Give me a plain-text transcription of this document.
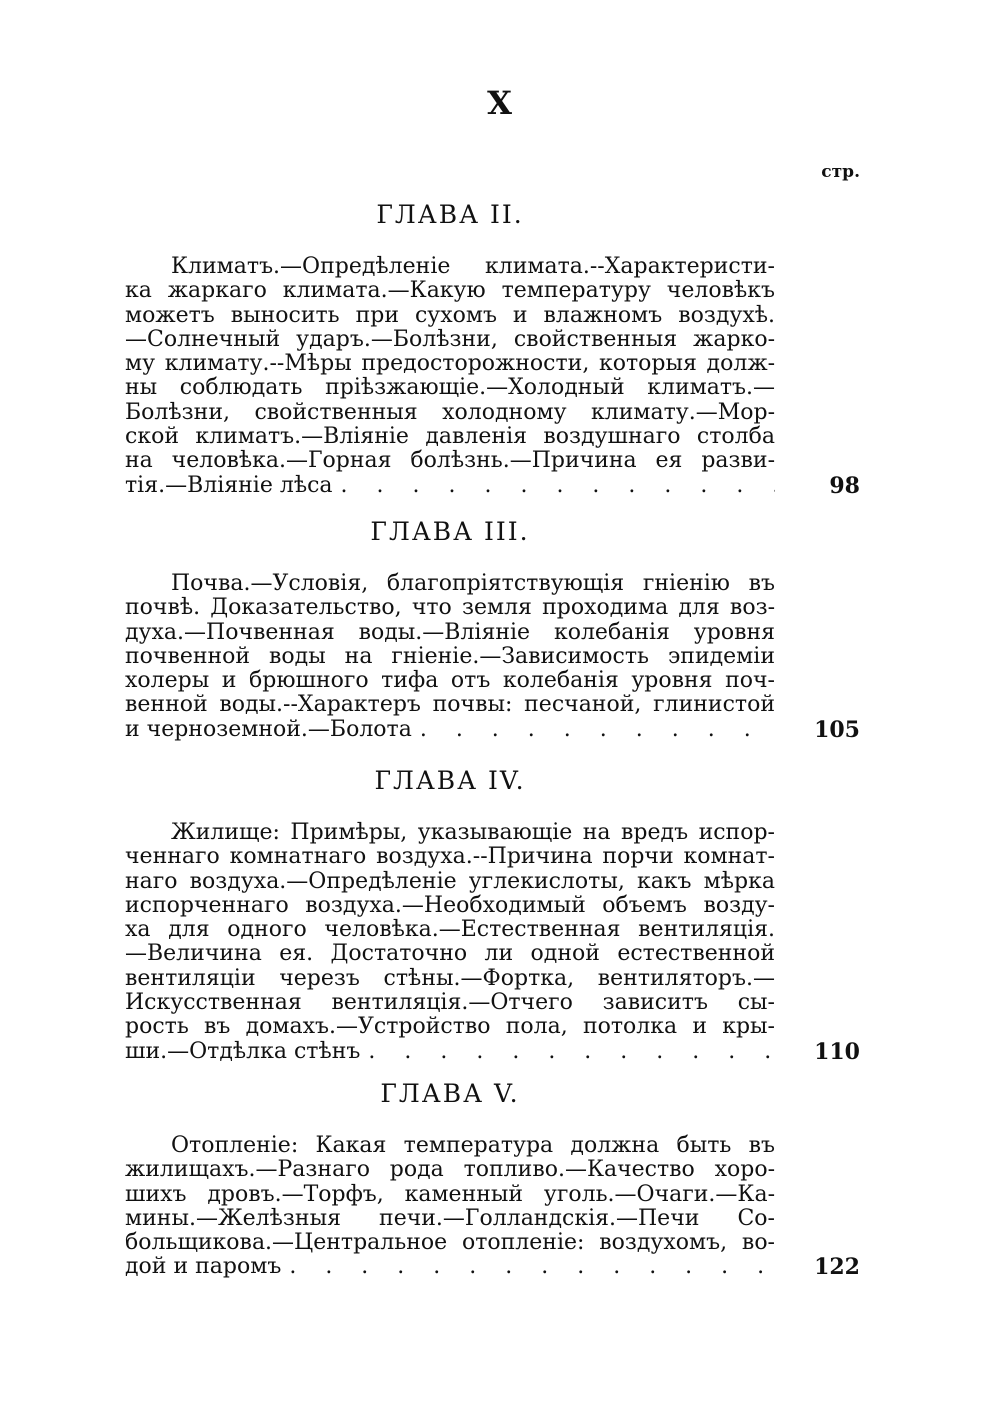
X
стр.
ГЛАВА II.
Климатъ.—Опредѣленіе климата.--Характеристи-
ка жаркаго климата.—Какую температуру человѣкъ
можетъ выносить при сухомъ и влажномъ воздухѣ.
—Солнечный ударъ.—Болѣзни, свойственныя жарко-
му климату.--Мѣры предосторожности, которыя долж-
ны соблюдать пріѣзжающіе.—Холодный климатъ.—
Болѣзни, свойственныя холодному климату.—Мор-
ской климатъ.—Вліяніе давленія воздушнаго столба
на человѣка.—Горная болѣзнь.—Причина ея разви-
тія.—Вліяніе лѣса . . .	98
ГЛАВА III.
Почва.—Условія, благопріятствующія гніенію въ
почвѣ. Доказательство, что земля проходима для воз-
духа.—Почвенная воды.—Вліяніе колебанія уровня
почвенной воды на гніеніе.—Зависимость эпидеміи
холеры и брюшного тифа отъ колебанія уровня поч-
венной воды.--Характеръ почвы: песчаной, глинистой
и черноземной.—Болота . . .	105
ГЛАВА IV.
Жилище: Примѣры, указывающіе на вредъ испор-
ченнаго комнатнаго воздуха.--Причина порчи комнат-
наго воздуха.—Опредѣленіе углекислоты, какъ мѣрка
испорченнаго воздуха.—Необходимый объемъ возду-
ха для одного человѣка.—Естественная вентиляція.
—Величина ея. Достаточно ли одной естественной
вентиляціи черезъ стѣны.—Фортка, вентиляторъ.—
Искусственная вентиляція.—Отчего зависитъ сы-
рость въ домахъ.—Устройство пола, потолка и кры-
ши.—Отдѣлка стѣнъ . . .	110
ГЛАВА V.
Отопленіе: Какая температура должна быть въ
жилищахъ.—Разнаго рода топливо.—Качество хоро-
шихъ дровъ.—Торфъ, каменный уголь.—Очаги.—Ка-
мины.—Желѣзныя печи.—Голландскія.—Печи Со-
больщикова.—Центральное отопленіе: воздухомъ, во-
дой и паромъ . . .	122
